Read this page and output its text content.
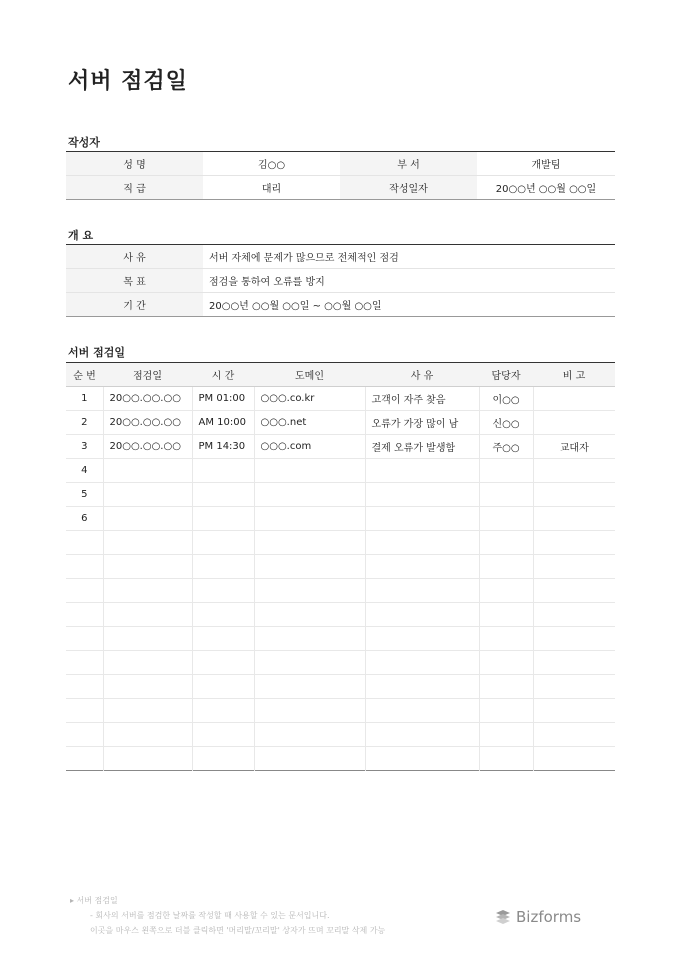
서버 점검일
작성자
성 명	김○○	부 서	개발팀
직 급	대리	작성일자	20○○년 ○○월 ○○일
개 요
사 유	서버 자체에 문제가 많으므로 전체적인 점검
목 표	점검을 통하여 오류를 방지
기 간	20○○년 ○○월 ○○일 ~ ○○월 ○○일
서버 점검일
순 번	점검일	시 간	도메인	사 유	담당자	비 고
1	20○○.○○.○○	PM 01:00	○○○.co.kr	고객이 자주 찾음	이○○	
2	20○○.○○.○○	AM 10:00	○○○.net	오류가 가장 많이 남	신○○	
3	20○○.○○.○○	PM 14:30	○○○.com	결제 오류가 발생함	주○○	교대자
4						
5						
6						

▸ 서버 점검일
- 회사의 서버를 점검한 날짜를 작성할 때 사용할 수 있는 문서입니다.
이곳을 마우스 왼쪽으로 더블 클릭하면 '머리말/꼬리말' 상자가 뜨며 꼬리말 삭제 가능
Bizforms
